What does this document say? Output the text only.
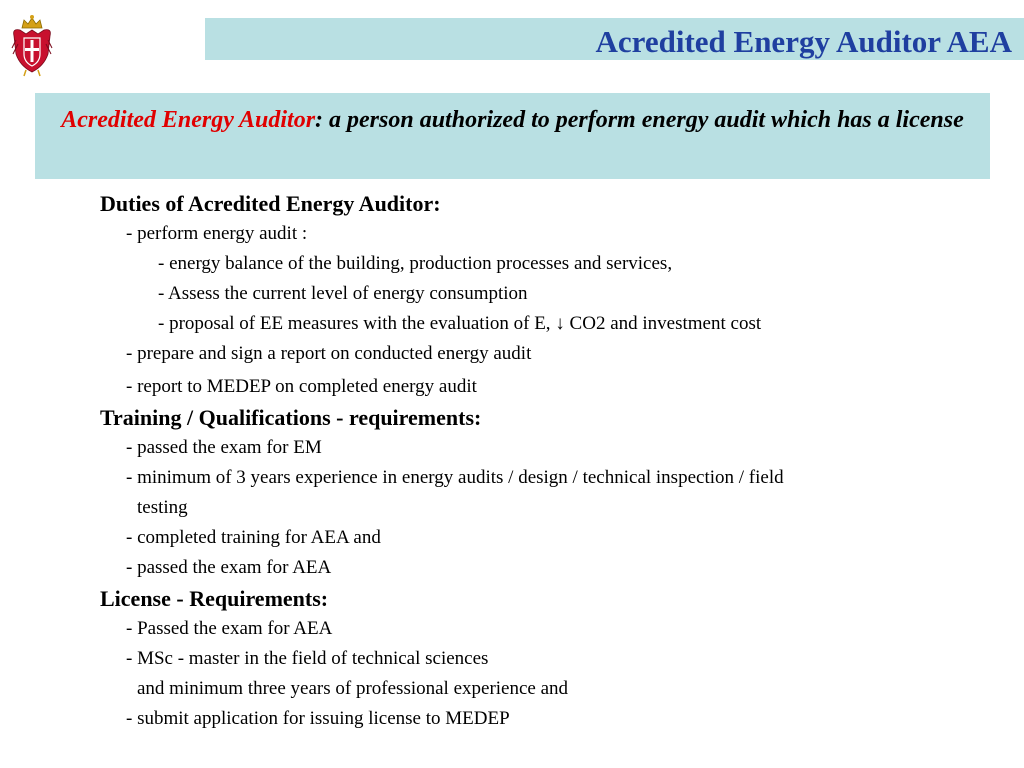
Acredited Energy Auditor AEA
Acredited Energy Auditor: a person authorized to perform energy audit which has a license
Duties of Acredited Energy Auditor:
- perform energy audit :
- energy balance of the building, production processes and services,
- Assess the current level of energy consumption
- proposal of EE measures with the evaluation of E, ↓ CO2 and investment cost
- prepare and sign a report on conducted energy audit
- report to MEDEP on completed energy audit
Training / Qualifications - requirements:
- passed the exam for EM
- minimum of 3 years experience in energy audits / design / technical inspection / field
testing
- completed training for AEA and
- passed the exam for AEA
License - Requirements:
- Passed the exam for AEA
- MSc - master in the field of technical sciences
and minimum three years of professional experience and
- submit application for issuing license to MEDEP
